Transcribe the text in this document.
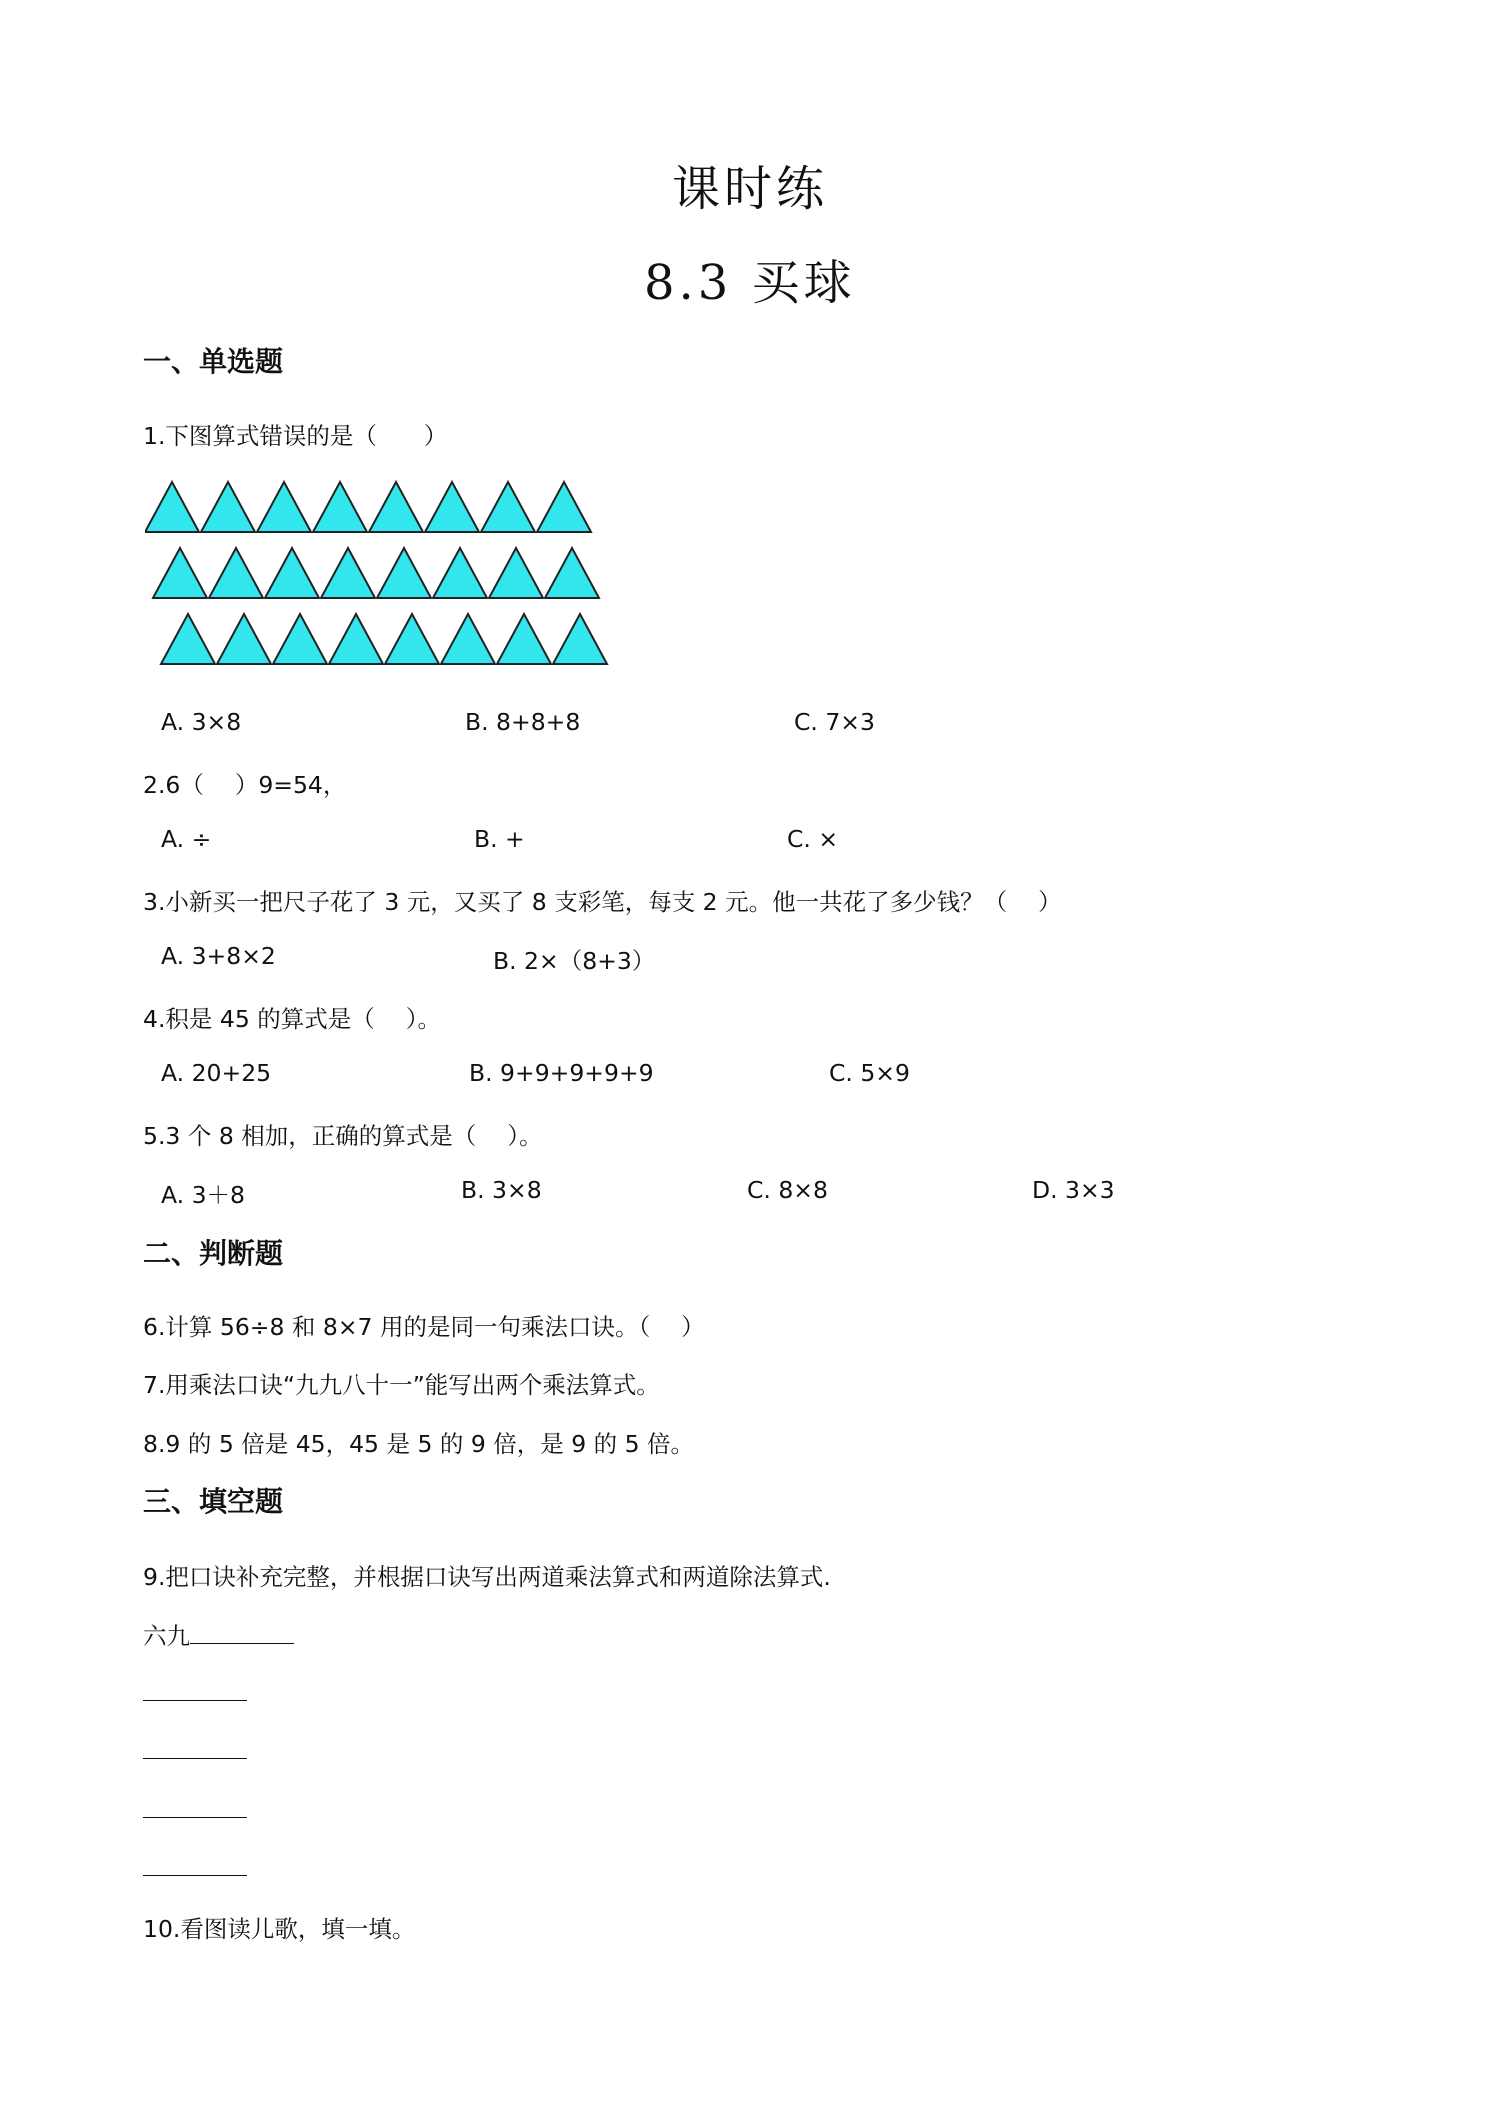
课时练
8.3 买球
一、单选题
1.下图算式错误的是（　　）
A. 3×8	B. 8+8+8	C. 7×3
2.6（　 ）9=54，
A. ÷	B. +	C. ×
3.小新买一把尺子花了 3 元，又买了 8 支彩笔，每支 2 元。他一共花了多少钱？（　 ）
A. 3+8×2	B. 2×（8+3）
4.积是 45 的算式是（　 ）。
A. 20+25	B. 9+9+9+9+9	C. 5×9
5.3 个 8 相加，正确的算式是（　 ）。
A. 3＋8	B. 3×8	C. 8×8	D. 3×3
二、判断题
6.计算 56÷8 和 8×7 用的是同一句乘法口诀。（　 ）
7.用乘法口诀“九九八十一”能写出两个乘法算式。
8.9 的 5 倍是 45，45 是 5 的 9 倍，是 9 的 5 倍。
三、填空题
9.把口诀补充完整，并根据口诀写出两道乘法算式和两道除法算式.
六九
10.看图读儿歌，填一填。
